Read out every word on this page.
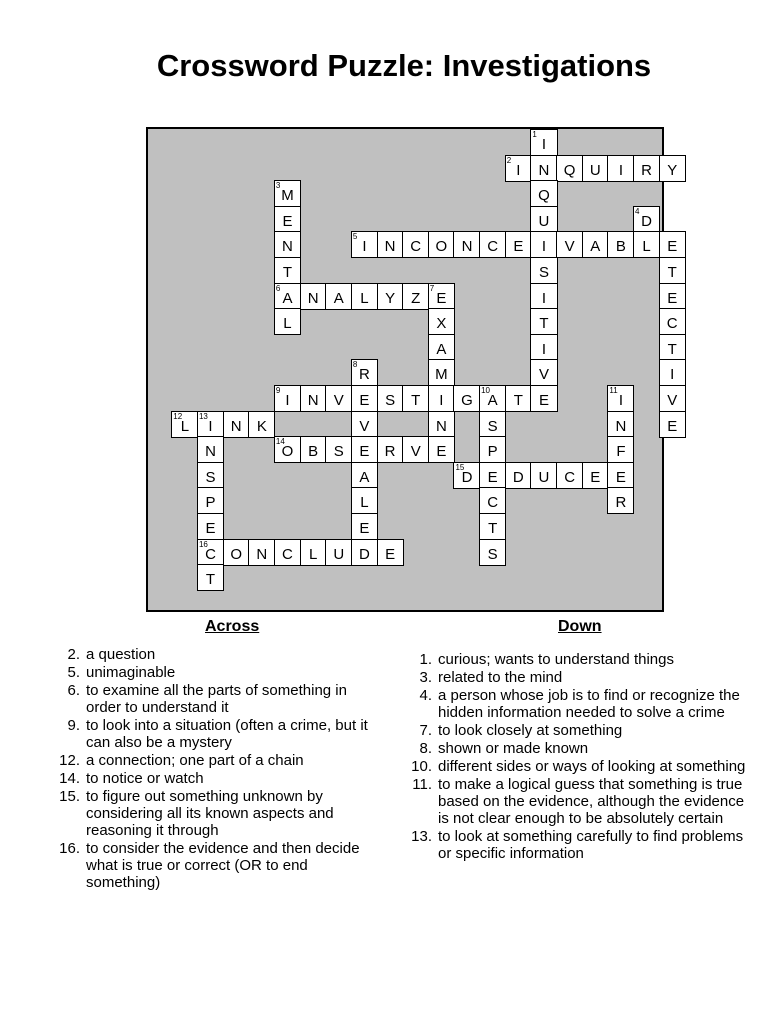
Crossword Puzzle: Investigations
1
I
2
I	N Q U	I	R	Y
3
M	Q
E	U
4
D
N
5
I	N C O N C	E	I	V	A	B	L	E
T	S	T
6
A	N	A	L	Y	Z
7
E	I	E
L	X	T	C
A	I	T
8
R	M	V	I
9
I	N	V	E	S	T	I	G
10
A	T	E
11
I	V
12
L
13
I	N	K	V	N	S	N	E
N
14
O B	S	E	R	V	E	P	F
S	A
15
D	E	D U C	E	E
P	L	C	R
E	E	T
16
C O N C	L	U D	E	S
T
Across	Down
2. a question
5. unimaginable
6. to examine all the parts of something in order to understand it
9. to look into a situation (often a crime, but it can also be a mystery
12. a connection; one part of a chain
14. to notice or watch
15. to figure out something unknown by considering all its known aspects and reasoning it through
16. to consider the evidence and then decide what is true or correct (OR to end something)
1. curious; wants to understand things
3. related to the mind
4. a person whose job is to find or recognize the hidden information needed to solve a crime
7. to look closely at something
8. shown or made known
10. different sides or ways of looking at something
11. to make a logical guess that something is true based on the evidence, although the evidence is not clear enough to be absolutely certain
13. to look at something carefully to find problems or specific information
